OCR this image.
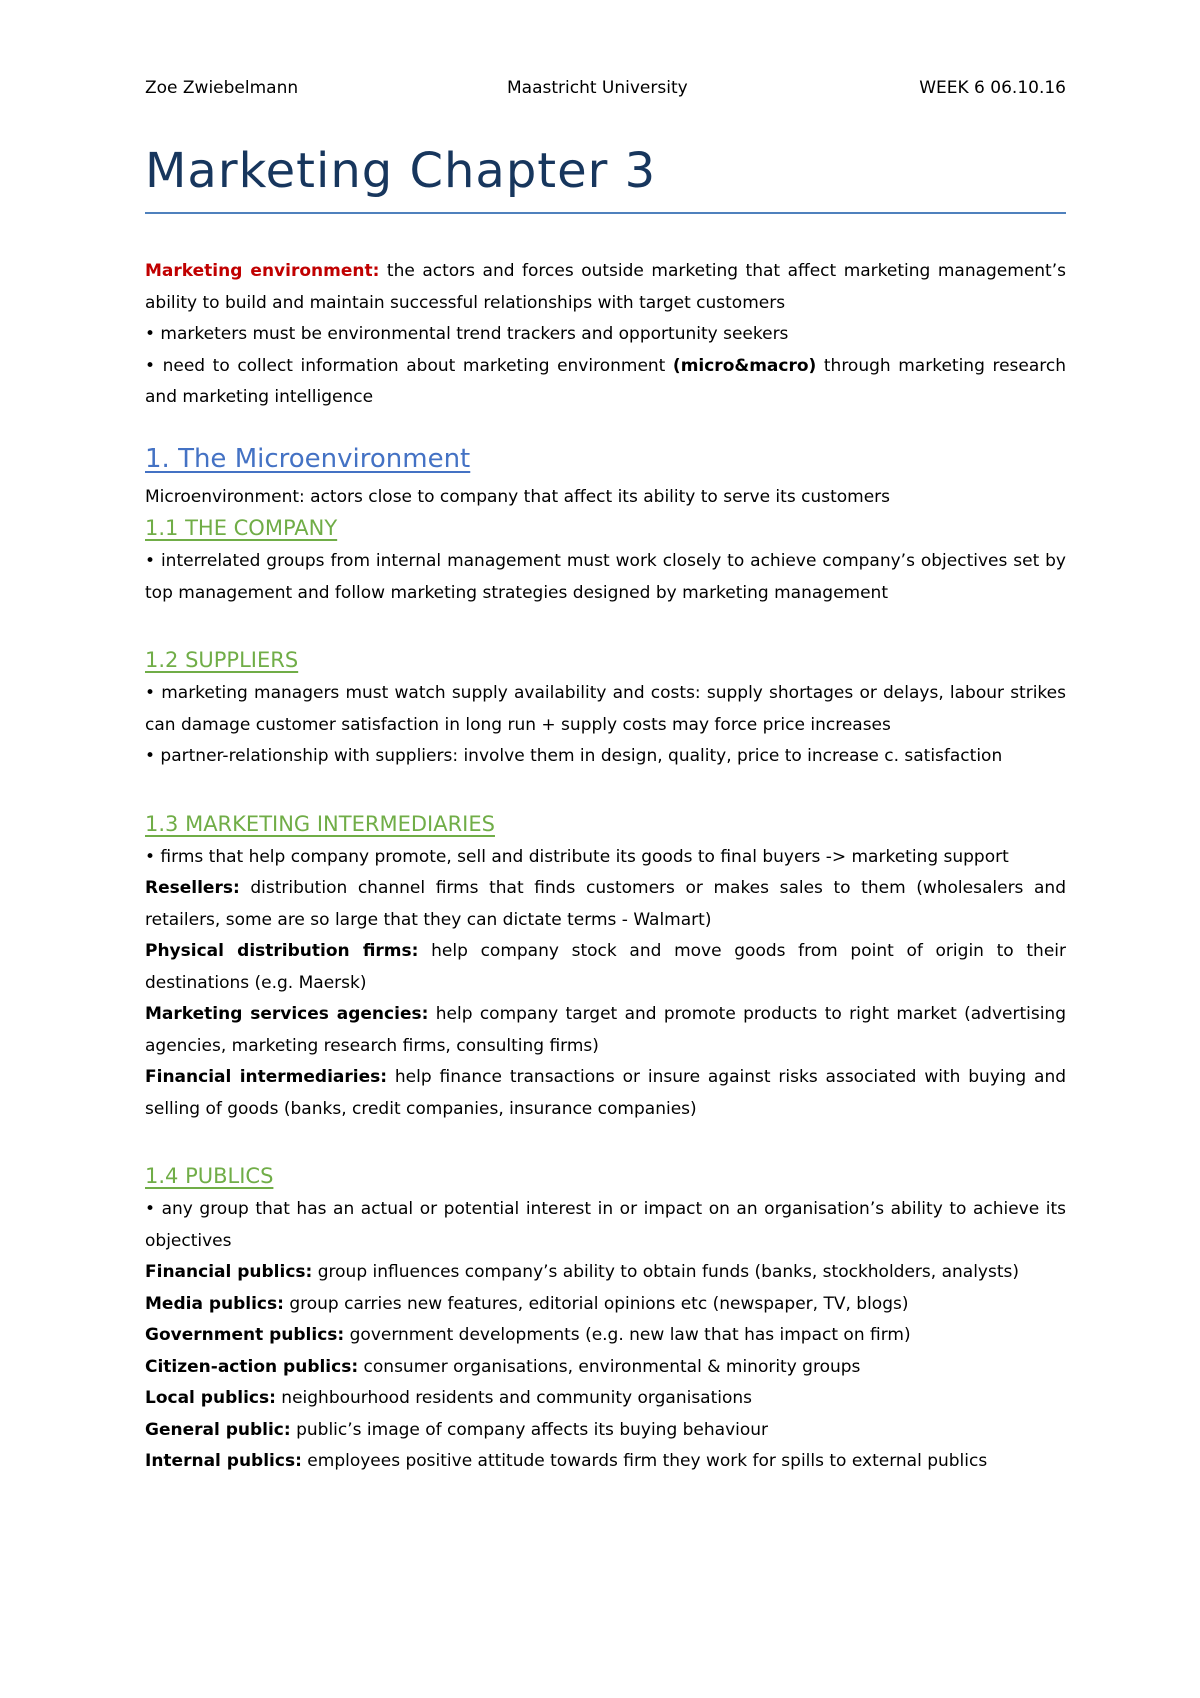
Zoe Zwiebelmann	Maastricht University	WEEK 6 06.10.16
Marketing Chapter 3

Marketing environment: the actors and forces outside marketing that affect marketing management’s ability to build and maintain successful relationships with target customers

• marketers must be environmental trend trackers and opportunity seekers

• need to collect information about marketing environment (micro&macro) through marketing research and marketing intelligence

1. The Microenvironment

Microenvironment: actors close to company that affect its ability to serve its customers

1.1 THE COMPANY

• interrelated groups from internal management must work closely to achieve company’s objectives set by top management and follow marketing strategies designed by marketing management

1.2 SUPPLIERS

• marketing managers must watch supply availability and costs: supply shortages or delays, labour strikes can damage customer satisfaction in long run + supply costs may force price increases

• partner-relationship with suppliers: involve them in design, quality, price to increase c. satisfaction

1.3 MARKETING INTERMEDIARIES

• firms that help company promote, sell and distribute its goods to final buyers -> marketing support

Resellers: distribution channel firms that finds customers or makes sales to them (wholesalers and retailers, some are so large that they can dictate terms - Walmart)

Physical distribution firms: help company stock and move goods from point of origin to their destinations (e.g. Maersk)

Marketing services agencies: help company target and promote products to right market (advertising agencies, marketing research firms, consulting firms)

Financial intermediaries: help finance transactions or insure against risks associated with buying and selling of goods (banks, credit companies, insurance companies)

1.4 PUBLICS

• any group that has an actual or potential interest in or impact on an organisation’s ability to achieve its objectives

Financial publics: group influences company’s ability to obtain funds (banks, stockholders, analysts)

Media publics: group carries new features, editorial opinions etc (newspaper, TV, blogs)

Government publics: government developments (e.g. new law that has impact on firm)

Citizen-action publics: consumer organisations, environmental & minority groups

Local publics: neighbourhood residents and community organisations

General public: public’s image of company affects its buying behaviour

Internal publics: employees positive attitude towards firm they work for spills to external publics
